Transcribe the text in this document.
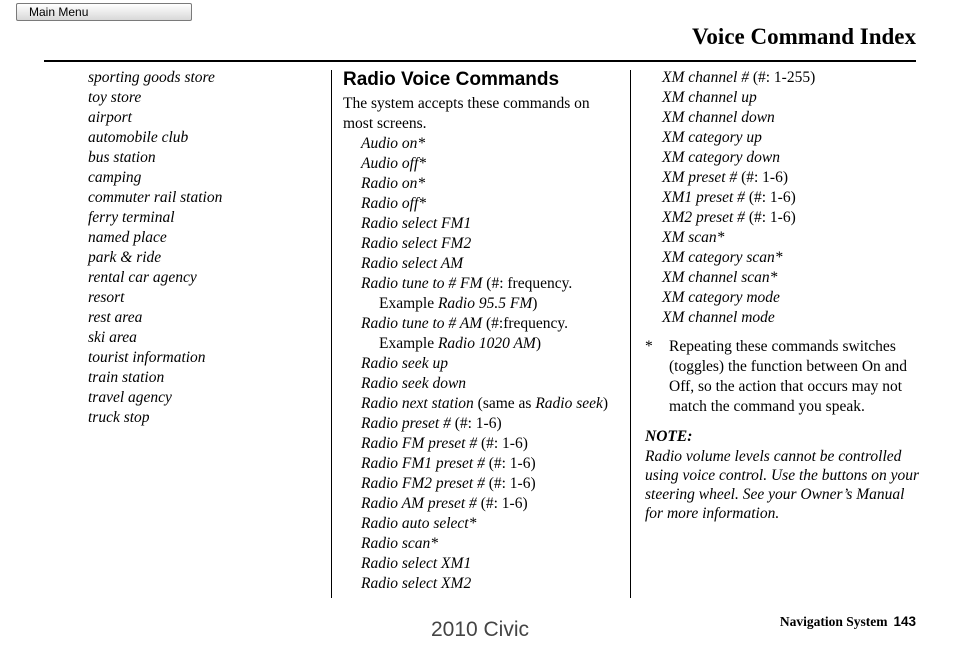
Main Menu
Voice Command Index
sporting goods store
toy store
airport
automobile club
bus station
camping
commuter rail station
ferry terminal
named place
park & ride
rental car agency
resort
rest area
ski area
tourist information
train station
travel agency
truck stop
Radio Voice Commands
The system accepts these commands on most screens.
Audio on*
Audio off*
Radio on*
Radio off*
Radio select FM1
Radio select FM2
Radio select AM
Radio tune to # FM (#: frequency. Example Radio 95.5 FM)
Radio tune to # AM (#:frequency. Example Radio 1020 AM)
Radio seek up
Radio seek down
Radio next station (same as Radio seek)
Radio preset # (#: 1-6)
Radio FM preset # (#: 1-6)
Radio FM1 preset # (#: 1-6)
Radio FM2 preset # (#: 1-6)
Radio AM preset # (#: 1-6)
Radio auto select*
Radio scan*
Radio select XM1
Radio select XM2
XM channel # (#: 1-255)
XM channel up
XM channel down
XM category up
XM category down
XM preset # (#: 1-6)
XM1 preset # (#: 1-6)
XM2 preset # (#: 1-6)
XM scan*
XM category scan*
XM channel scan*
XM category mode
XM channel mode
* Repeating these commands switches (toggles) the function between On and Off, so the action that occurs may not match the command you speak.
NOTE:
Radio volume levels cannot be controlled using voice control. Use the buttons on your steering wheel. See your Owner’s Manual for more information.
Navigation System 143
2010 Civic
